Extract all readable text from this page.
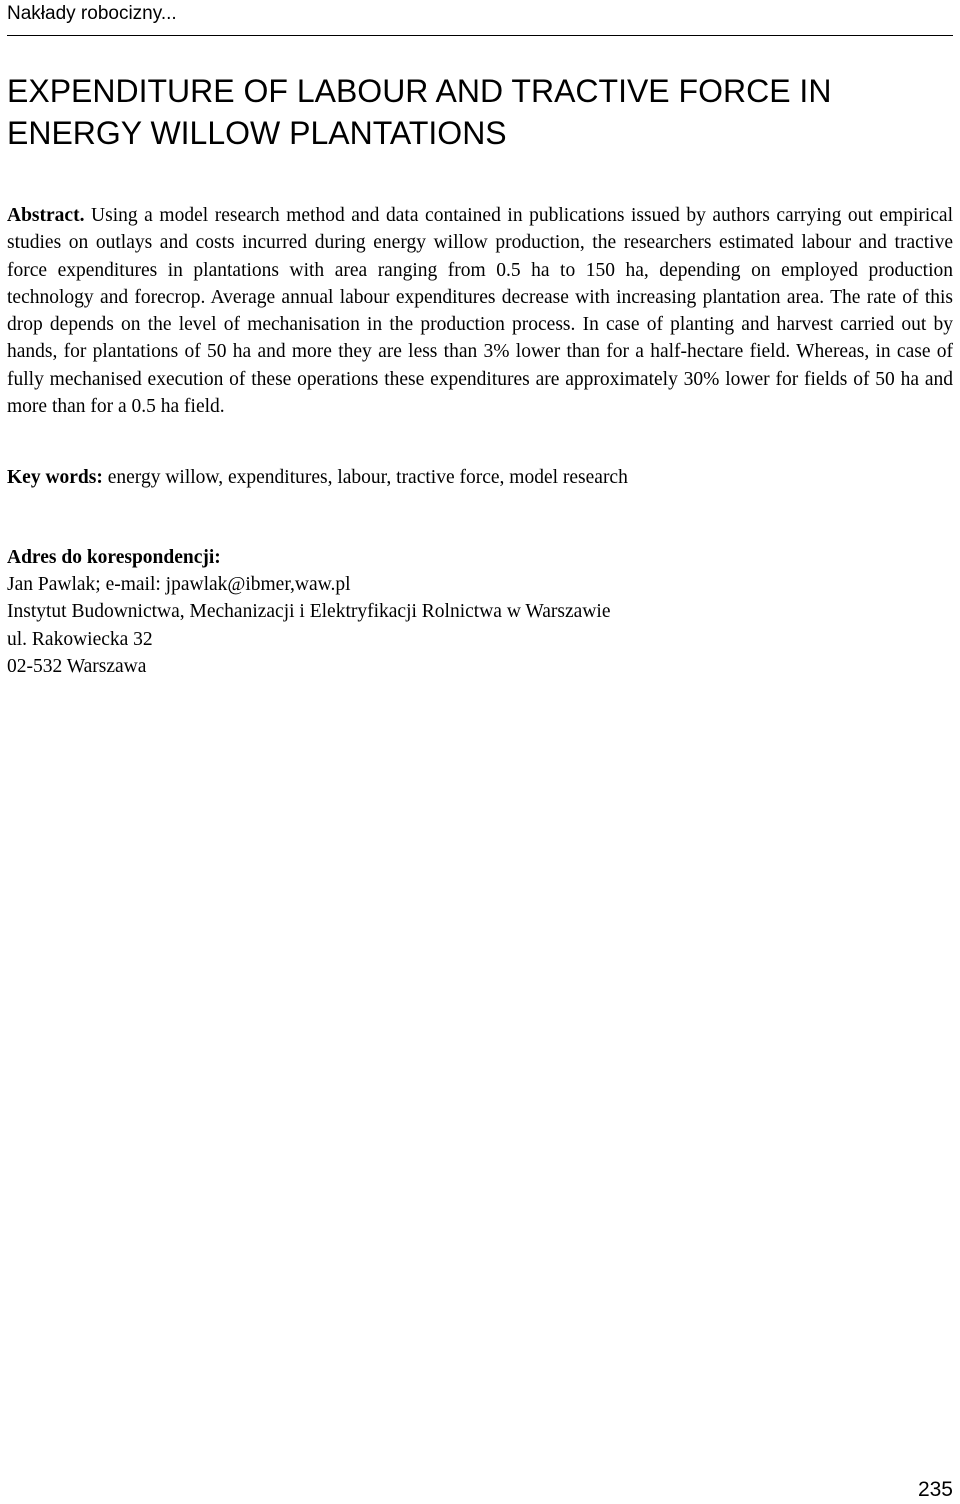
Nakłady robocizny...
EXPENDITURE OF LABOUR AND TRACTIVE FORCE IN
ENERGY WILLOW PLANTATIONS

Abstract. Using a model research method and data contained in publications issued by authors carrying out empirical studies on outlays and costs incurred during energy willow production, the researchers estimated labour and tractive force expenditures in plantations with area ranging from 0.5 ha to 150 ha, depending on employed production technology and forecrop. Average annual labour expenditures decrease with increasing plantation area. The rate of this drop depends on the level of mechanisation in the production process. In case of planting and harvest carried out by hands, for plantations of 50 ha and more they are less than 3% lower than for a half-hectare field. Whereas, in case of fully mechanised execution of these operations these expenditures are approximately 30% lower for fields of 50 ha and more than for a 0.5 ha field.

Key words: energy willow, expenditures, labour, tractive force, model research

Adres do korespondencji:
Jan Pawlak; e-mail: jpawlak@ibmer,waw.pl
Instytut Budownictwa, Mechanizacji i Elektryfikacji Rolnictwa w Warszawie
ul. Rakowiecka 32
02-532 Warszawa
235
